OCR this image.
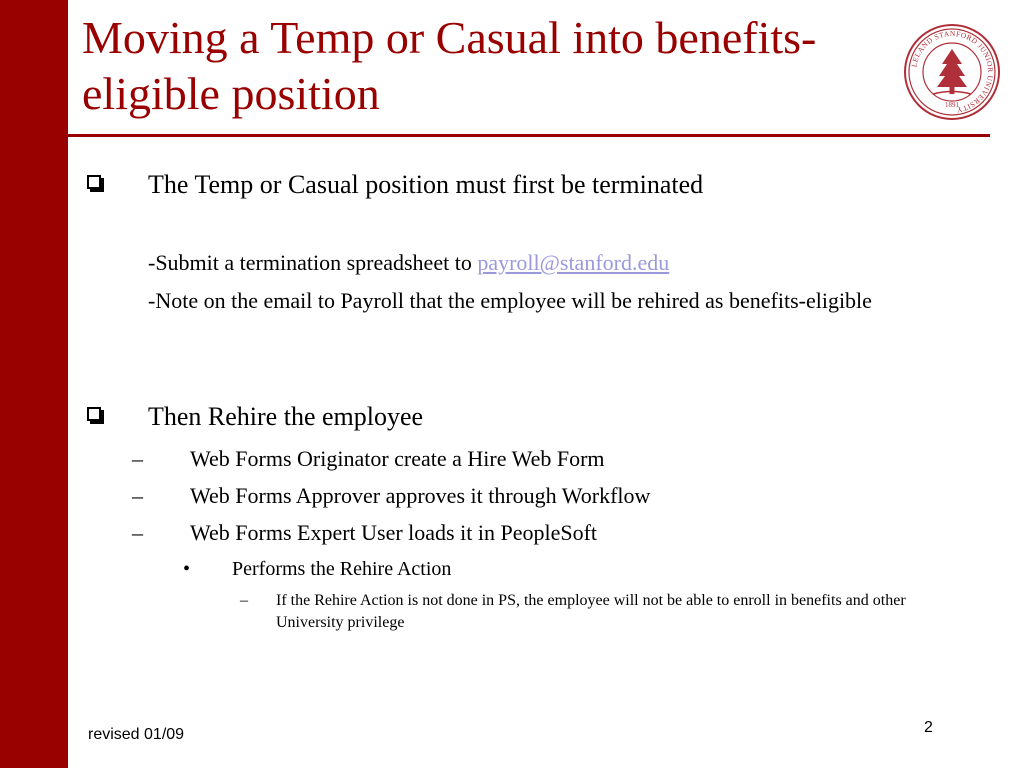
Moving a Temp or Casual into benefits-eligible position
LELAND STANFORD JUNIOR UNIVERSITY
1891

The Temp or Casual position must first be terminated

-Submit a termination spreadsheet to payroll@stanford.edu

-Note on the email to Payroll that the employee will be rehired as benefits-eligible

Then Rehire the employee

– Web Forms Originator create a Hire Web Form

– Web Forms Approver approves it through Workflow

– Web Forms Expert User loads it in PeopleSoft

• Performs the Rehire Action

– If the Rehire Action is not done in PS, the employee will not be able to enroll in benefits and other University privilege

revised 01/09	2
